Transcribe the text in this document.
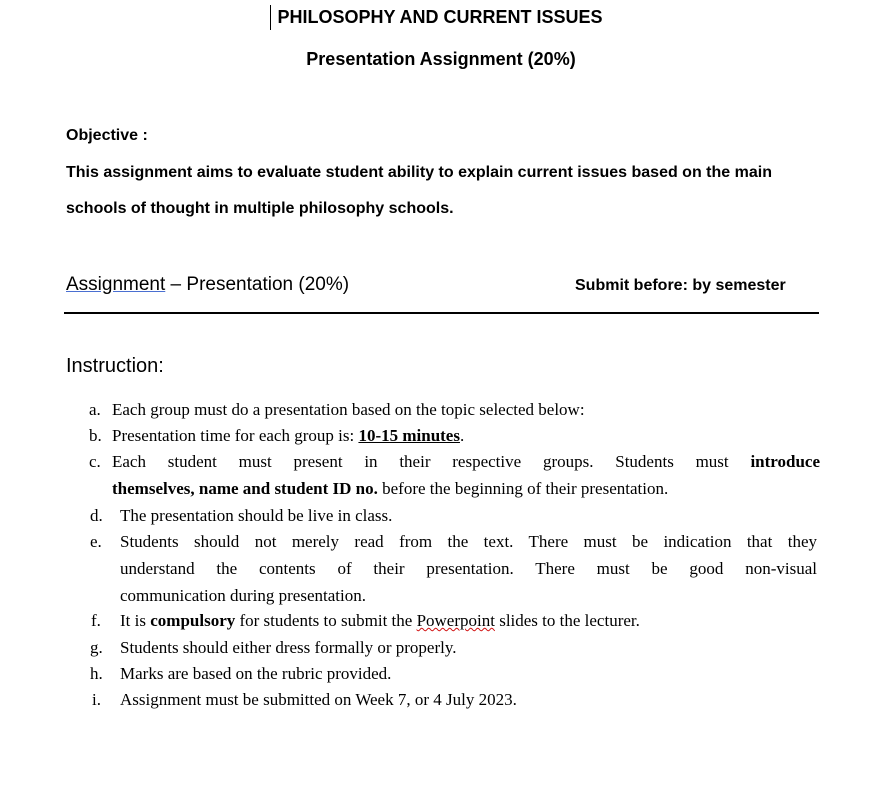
PHILOSOPHY AND CURRENT ISSUES
Presentation Assignment (20%)
Objective :
This assignment aims to evaluate student ability to explain current issues based on the main
schools of thought in multiple philosophy schools.
Assignment – Presentation (20%)	Submit before: by semester
Instruction:
a. Each group must do a presentation based on the topic selected below:
b. Presentation time for each group is: 10-15 minutes.
c. Each student must present in their respective groups. Students must introduce
themselves, name and student ID no. before the beginning of their presentation.
d. The presentation should be live in class.
e. Students should not merely read from the text. There must be indication that they
understand the contents of their presentation. There must be good non-visual
communication during presentation.
f. It is compulsory for students to submit the Powerpoint slides to the lecturer.
g. Students should either dress formally or properly.
h. Marks are based on the rubric provided.
i. Assignment must be submitted on Week 7, or 4 July 2023.
